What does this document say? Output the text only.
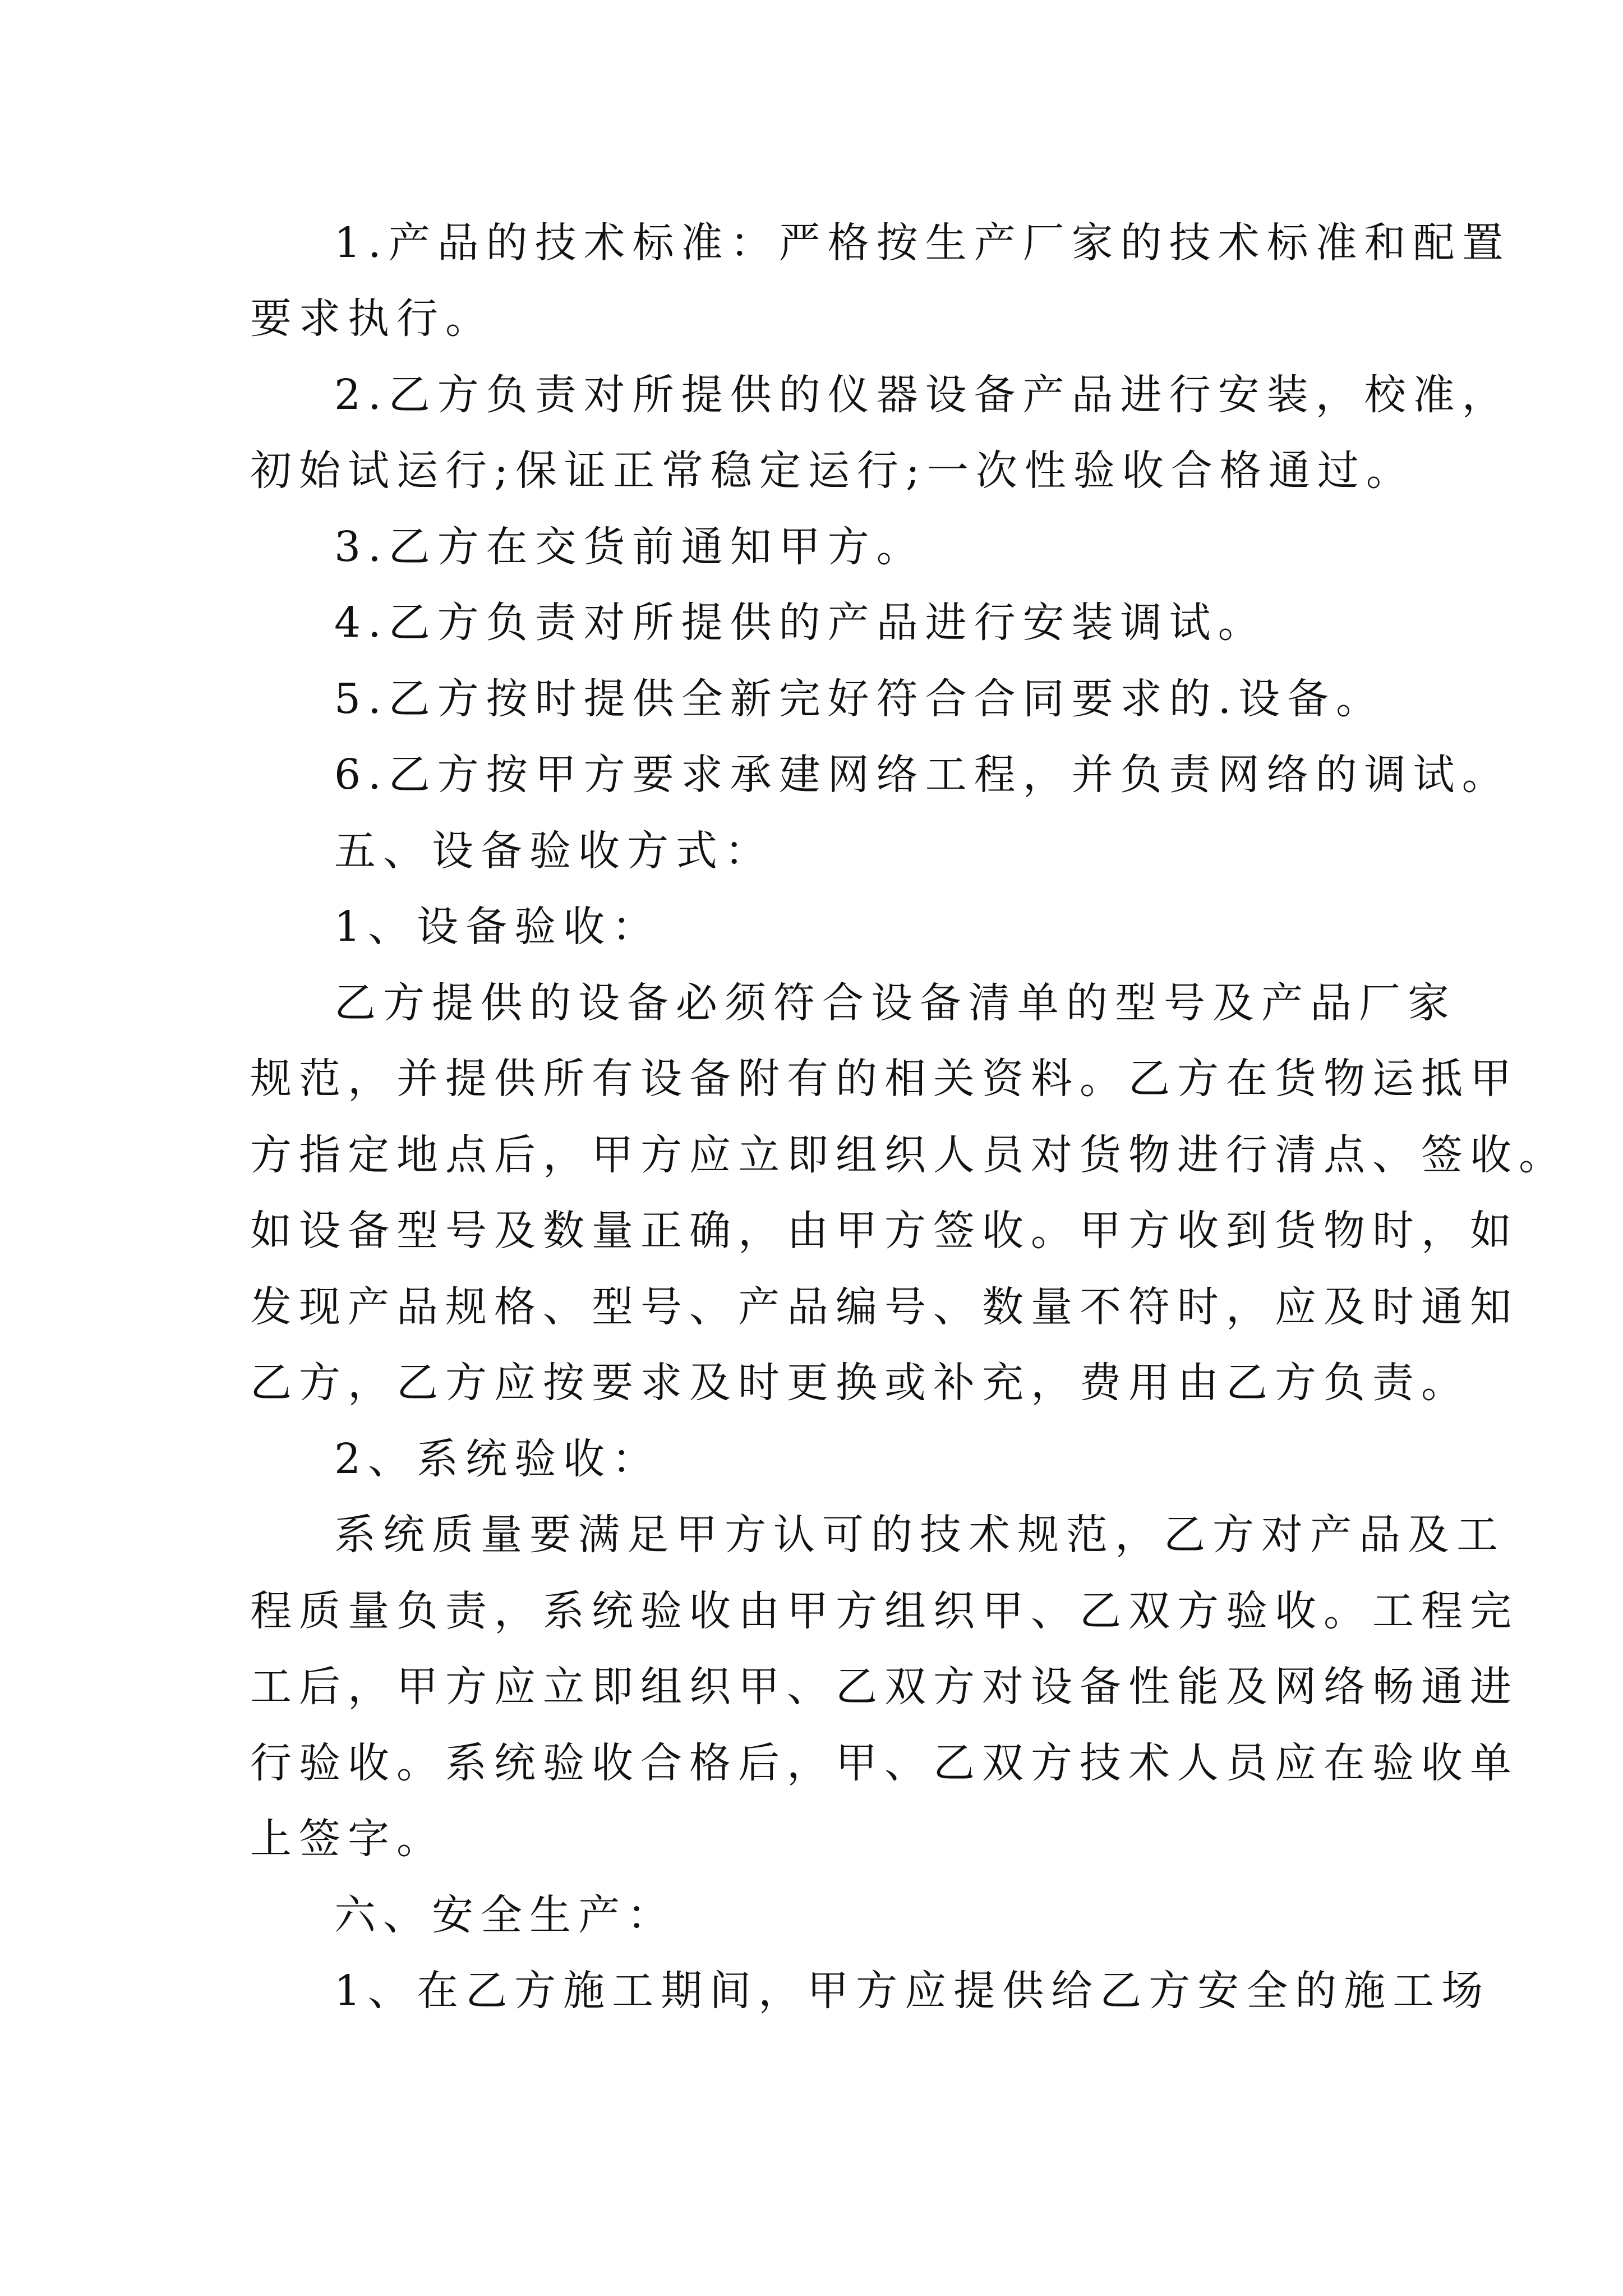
1.产品的技术标准：严格按生产厂家的技术标准和配置

要求执行。

2.乙方负责对所提供的仪器设备产品进行安装，校准，

初始试运行;保证正常稳定运行;一次性验收合格通过。

3.乙方在交货前通知甲方。

4.乙方负责对所提供的产品进行安装调试。

5.乙方按时提供全新完好符合合同要求的.设备。

6.乙方按甲方要求承建网络工程，并负责网络的调试。

五、设备验收方式：

1、设备验收：

乙方提供的设备必须符合设备清单的型号及产品厂家

规范，并提供所有设备附有的相关资料。乙方在货物运抵甲

方指定地点后，甲方应立即组织人员对货物进行清点、签收。

如设备型号及数量正确，由甲方签收。甲方收到货物时，如

发现产品规格、型号、产品编号、数量不符时，应及时通知

乙方，乙方应按要求及时更换或补充，费用由乙方负责。

2、系统验收：

系统质量要满足甲方认可的技术规范，乙方对产品及工

程质量负责，系统验收由甲方组织甲、乙双方验收。工程完

工后，甲方应立即组织甲、乙双方对设备性能及网络畅通进

行验收。系统验收合格后，甲、乙双方技术人员应在验收单

上签字。

六、安全生产：

1、在乙方施工期间，甲方应提供给乙方安全的施工场
